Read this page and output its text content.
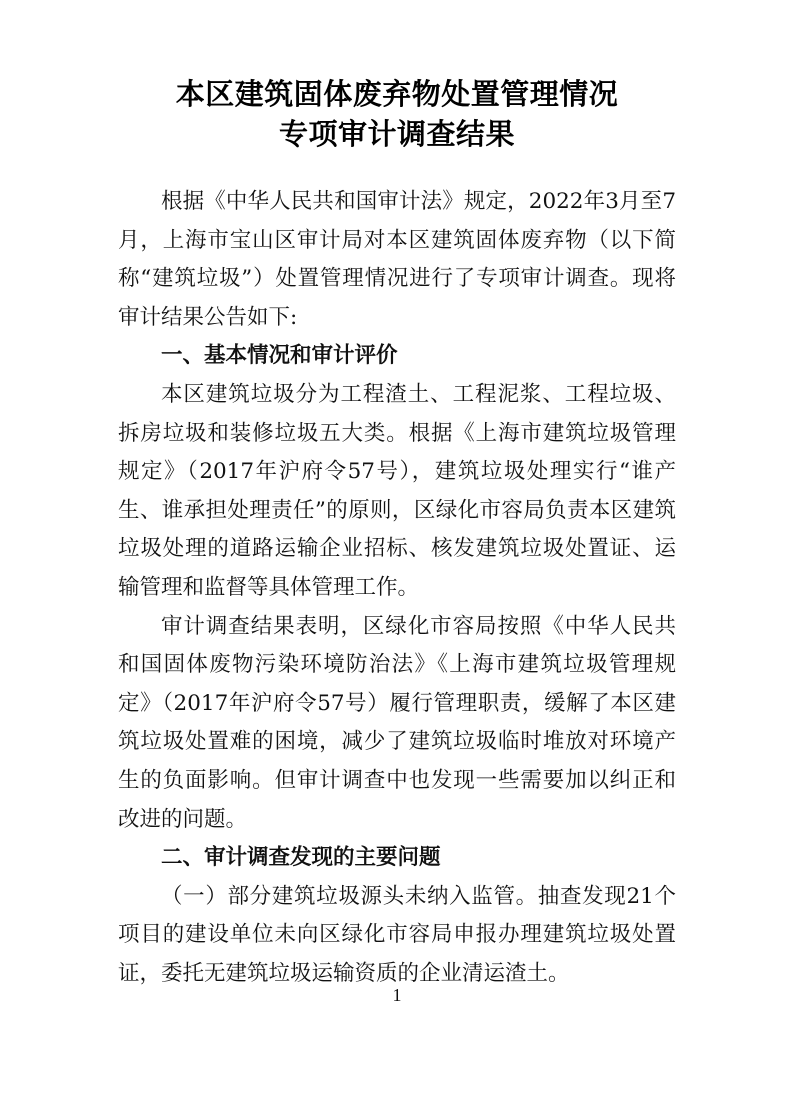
本区建筑固体废弃物处置管理情况
专项审计调查结果

根据《中华人民共和国审计法》规定，2022年3月至7月，上海市宝山区审计局对本区建筑固体废弃物（以下简称“建筑垃圾”）处置管理情况进行了专项审计调查。现将审计结果公告如下:

一、基本情况和审计评价

本区建筑垃圾分为工程渣土、工程泥浆、工程垃圾、拆房垃圾和装修垃圾五大类。根据《上海市建筑垃圾管理规定》（2017年沪府令57号），建筑垃圾处理实行“谁产生、谁承担处理责任”的原则，区绿化市容局负责本区建筑垃圾处理的道路运输企业招标、核发建筑垃圾处置证、运输管理和监督等具体管理工作。

审计调查结果表明，区绿化市容局按照《中华人民共和国固体废物污染环境防治法》《上海市建筑垃圾管理规定》（2017年沪府令57号）履行管理职责，缓解了本区建筑垃圾处置难的困境，减少了建筑垃圾临时堆放对环境产生的负面影响。但审计调查中也发现一些需要加以纠正和改进的问题。

二、审计调查发现的主要问题

（一）部分建筑垃圾源头未纳入监管。抽查发现21个项目的建设单位未向区绿化市容局申报办理建筑垃圾处置证，委托无建筑垃圾运输资质的企业清运渣土。

1
